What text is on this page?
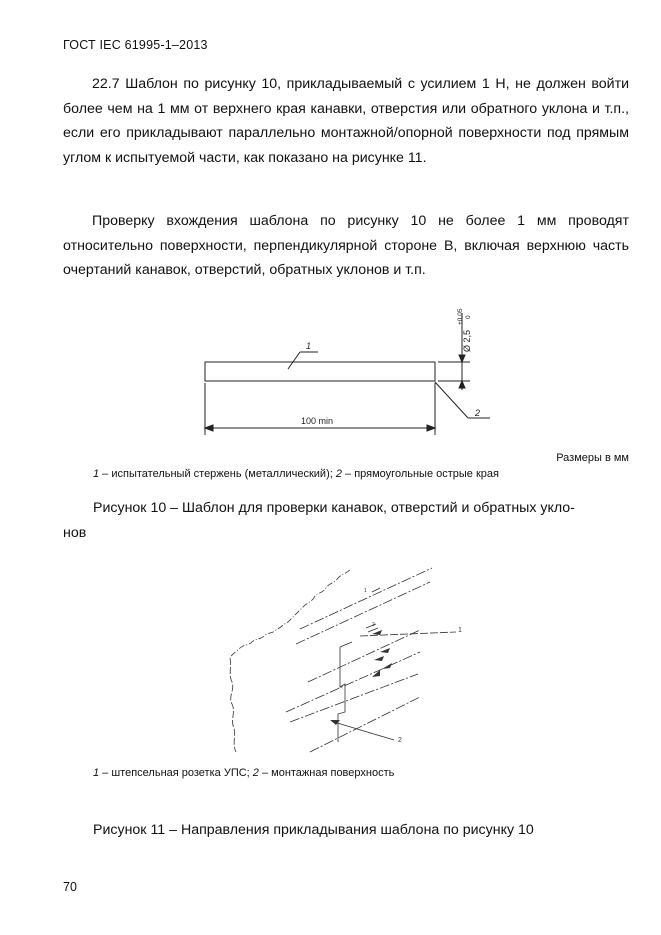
ГОСТ IEC 61995-1–2013

22.7 Шаблон по рисунку 10, прикладываемый с усилием 1 Н, не должен войти более чем на 1 мм от верхнего края канавки, отверстия или обратного уклона и т.п., если его прикладывают параллельно монтажной/опорной поверхности под прямым углом к испытуемой части, как показано на рисунке 11.

Проверку вхождения шаблона по рисунку 10 не более 1 мм проводят относительно поверхности, перпендикулярной стороне B, включая верхнюю часть очертаний канавок, отверстий, обратных уклонов и т.п.

1
2
100 min
Ø 2,5
+0,05 0
Размеры в мм
1 – испытательный стержень (металлический); 2 – прямоугольные острые края
Рисунок 10 – Шаблон для проверки канавок, отверстий и обратных укло-
нов
1
2
1
2
1 – штепсельная розетка УПС; 2 – монтажная поверхность
Рисунок 11 – Направления прикладывания шаблона по рисунку 10
70
